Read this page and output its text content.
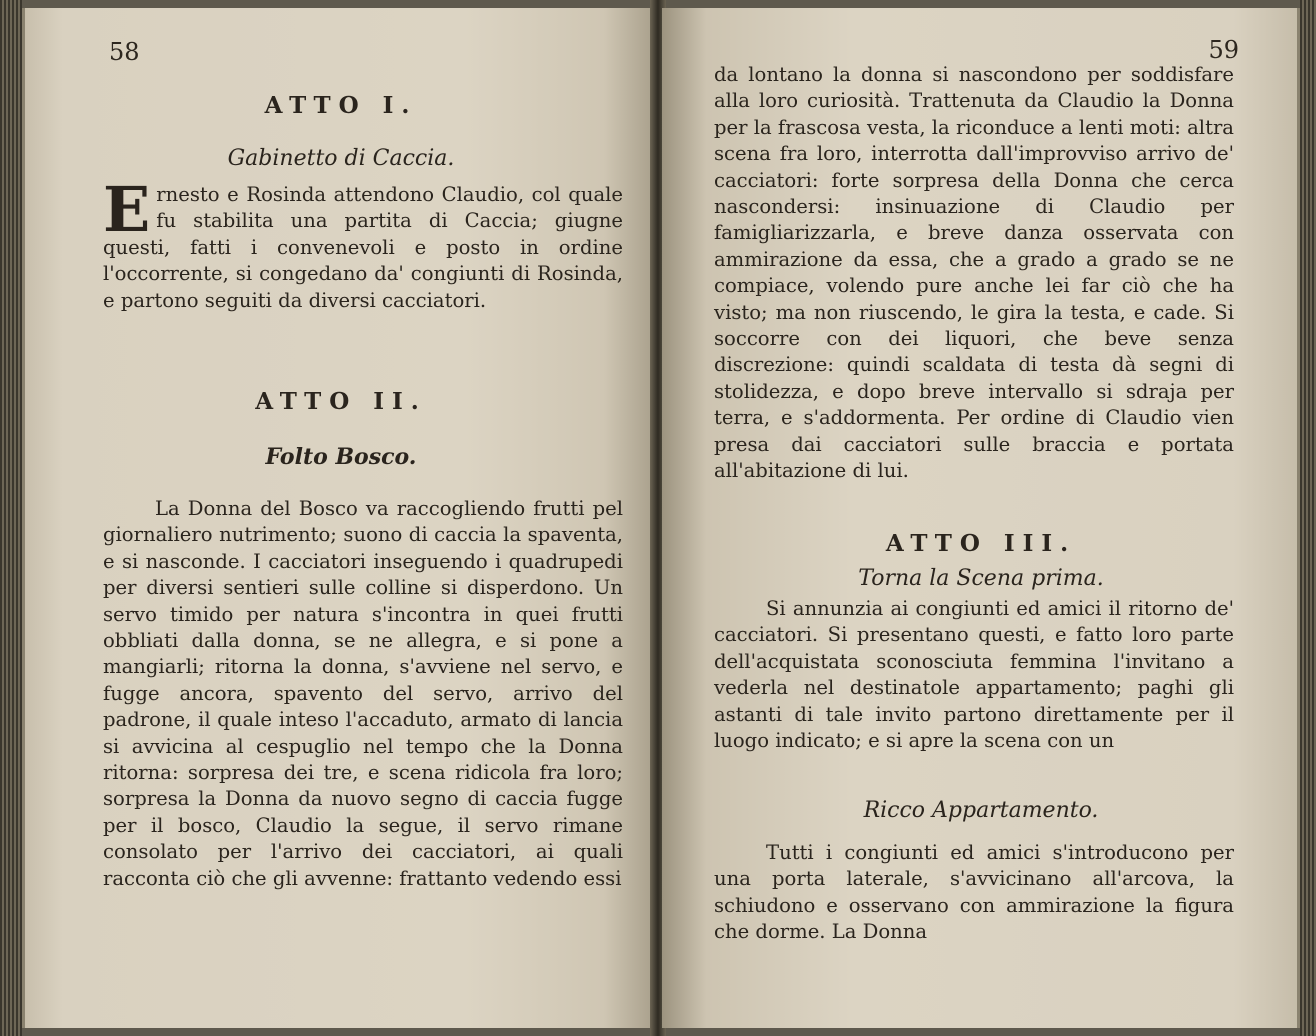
58
ATTO I.
Gabinetto di Caccia.
E rnesto e Rosinda attendono Claudio, col quale fu stabilita una partita di Caccia; giugne questi, fatti i convenevoli e posto in ordine l'occorrente, si congedano da' congiunti di Rosinda, e partono seguiti da diversi cacciatori.
ATTO II.
Folto Bosco.
La Donna del Bosco va raccogliendo frutti pel giornaliero nutrimento; suono di caccia la spaventa, e si nasconde. I cacciatori inseguendo i quadrupedi per diversi sentieri sulle colline si disperdono. Un servo timido per natura s'incontra in quei frutti obbliati dalla donna, se ne allegra, e si pone a mangiarli; ritorna la donna, s'avviene nel servo, e fugge ancora, spavento del servo, arrivo del padrone, il quale inteso l'accaduto, armato di lancia si avvicina al cespuglio nel tempo che la Donna ritorna: sorpresa dei tre, e scena ridicola fra loro; sorpresa la Donna da nuovo segno di caccia fugge per il bosco, Claudio la segue, il servo rimane consolato per l'arrivo dei cacciatori, ai quali racconta ciò che gli avvenne: frattanto vedendo essi
59
da lontano la donna si nascondono per soddisfare alla loro curiosità. Trattenuta da Claudio la Donna per la frascosa vesta, la riconduce a lenti moti: altra scena fra loro, interrotta dall'improvviso arrivo de' cacciatori: forte sorpresa della Donna che cerca nascondersi: insinuazione di Claudio per famigliarizzarla, e breve danza osservata con ammirazione da essa, che a grado a grado se ne compiace, volendo pure anche lei far ciò che ha visto; ma non riuscendo, le gira la testa, e cade. Si soccorre con dei liquori, che beve senza discrezione: quindi scaldata di testa dà segni di stolidezza, e dopo breve intervallo si sdraja per terra, e s'addormenta. Per ordine di Claudio vien presa dai cacciatori sulle braccia e portata all'abitazione di lui.
ATTO III.
Torna la Scena prima.
Si annunzia ai congiunti ed amici il ritorno de' cacciatori. Si presentano questi, e fatto loro parte dell'acquistata sconosciuta femmina l'invitano a vederla nel destinatole appartamento; paghi gli astanti di tale invito partono direttamente per il luogo indicato; e si apre la scena con un
Ricco Appartamento.
Tutti i congiunti ed amici s'introducono per una porta laterale, s'avvicinano all'arcova, la schiudono e osservano con ammirazione la figura che dorme. La Donna
